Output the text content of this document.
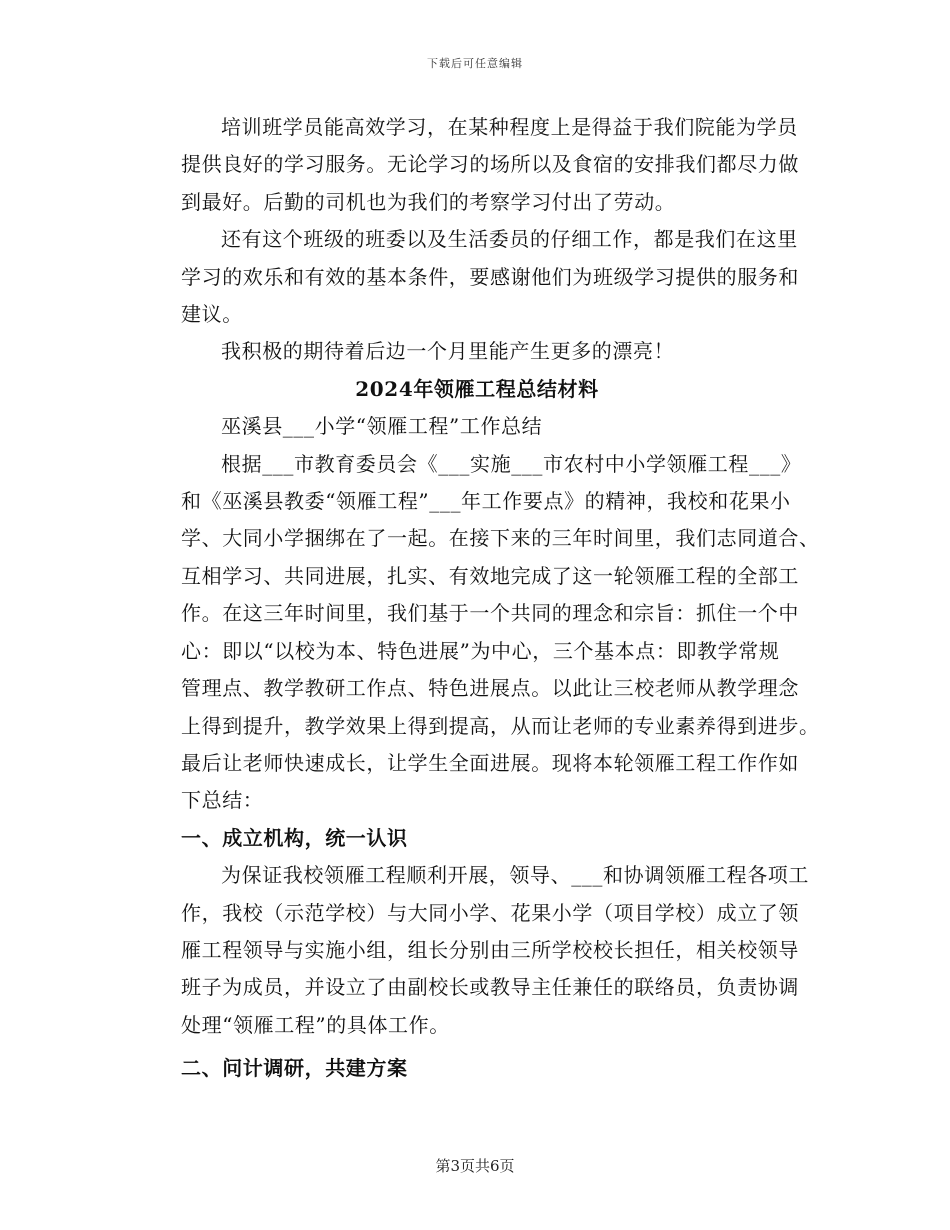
下载后可任意编辑
培训班学员能高效学习，在某种程度上是得益于我们院能为学员
提供良好的学习服务。无论学习的场所以及食宿的安排我们都尽力做
到最好。后勤的司机也为我们的考察学习付出了劳动。
还有这个班级的班委以及生活委员的仔细工作，都是我们在这里
学习的欢乐和有效的基本条件，要感谢他们为班级学习提供的服务和
建议。
我积极的期待着后边一个月里能产生更多的漂亮！
2024年领雁工程总结材料
巫溪县___小学“领雁工程”工作总结
根据___市教育委员会《___实施___市农村中小学领雁工程___》
和《巫溪县教委“领雁工程”___年工作要点》的精神，我校和花果小
学、大同小学捆绑在了一起。在接下来的三年时间里，我们志同道合、
互相学习、共同进展，扎实、有效地完成了这一轮领雁工程的全部工
作。在这三年时间里，我们基于一个共同的理念和宗旨：抓住一个中
心：即以“以校为本、特色进展”为中心，三个基本点：即教学常规
管理点、教学教研工作点、特色进展点。以此让三校老师从教学理念
上得到提升，教学效果上得到提高，从而让老师的专业素养得到进步。
最后让老师快速成长，让学生全面进展。现将本轮领雁工程工作作如
下总结：
一、成立机构，统一认识
为保证我校领雁工程顺利开展，领导、___和协调领雁工程各项工
作，我校（示范学校）与大同小学、花果小学（项目学校）成立了领
雁工程领导与实施小组，组长分别由三所学校校长担任，相关校领导
班子为成员，并设立了由副校长或教导主任兼任的联络员，负责协调
处理“领雁工程”的具体工作。
二、问计调研，共建方案
第3页共6页
